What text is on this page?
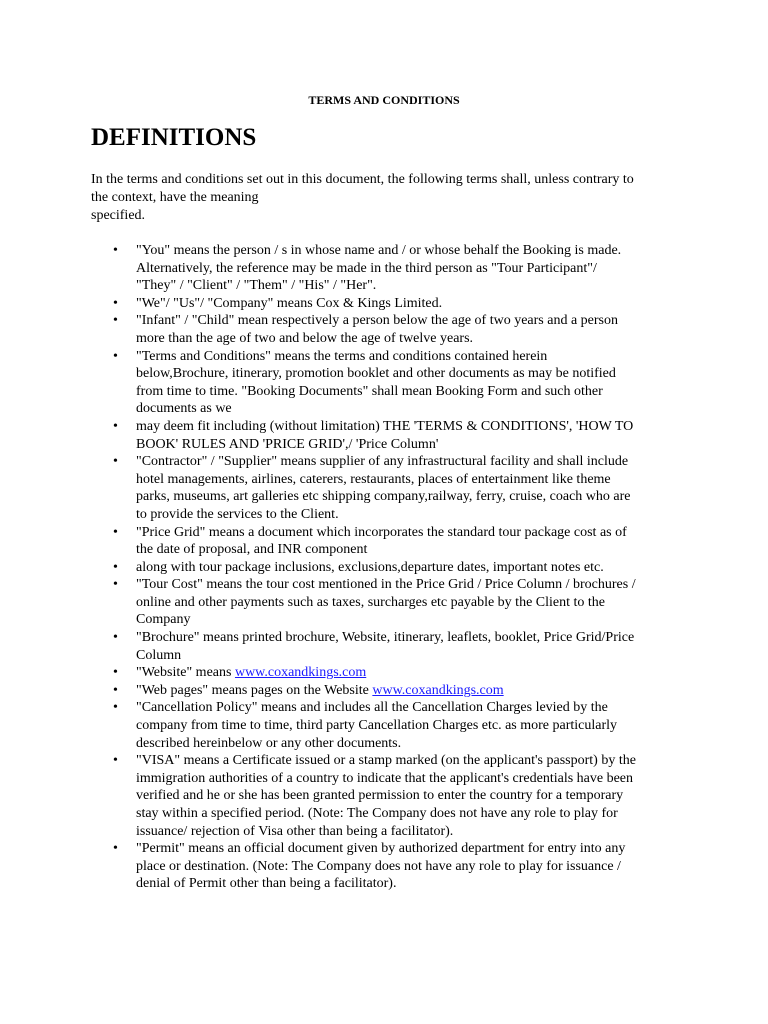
TERMS AND CONDITIONS
DEFINITIONS

In the terms and conditions set out in this document, the following terms shall, unless contrary to
the context, have the meaning
specified.

• "You" means the person / s in whose name and / or whose behalf the Booking is made.
Alternatively, the reference may be made in the third person as "Tour Participant"/
"They" / "Client" / "Them" / "His" / "Her".
• "We"/ "Us"/ "Company" means Cox & Kings Limited.
• "Infant" / "Child" mean respectively a person below the age of two years and a person
more than the age of two and below the age of twelve years.
• "Terms and Conditions" means the terms and conditions contained herein
below,Brochure, itinerary, promotion booklet and other documents as may be notified
from time to time. "Booking Documents" shall mean Booking Form and such other
documents as we
• may deem fit including (without limitation) THE 'TERMS & CONDITIONS', 'HOW TO
BOOK' RULES AND 'PRICE GRID',/ 'Price Column'
• "Contractor" / "Supplier" means supplier of any infrastructural facility and shall include
hotel managements, airlines, caterers, restaurants, places of entertainment like theme
parks, museums, art galleries etc shipping company,railway, ferry, cruise, coach who are
to provide the services to the Client.
• "Price Grid" means a document which incorporates the standard tour package cost as of
the date of proposal, and INR component
• along with tour package inclusions, exclusions,departure dates, important notes etc.
• "Tour Cost" means the tour cost mentioned in the Price Grid / Price Column / brochures /
online and other payments such as taxes, surcharges etc payable by the Client to the
Company
• "Brochure" means printed brochure, Website, itinerary, leaflets, booklet, Price Grid/Price
Column
• "Website" means www.coxandkings.com
• "Web pages" means pages on the Website www.coxandkings.com
• "Cancellation Policy" means and includes all the Cancellation Charges levied by the
company from time to time, third party Cancellation Charges etc. as more particularly
described hereinbelow or any other documents.
• "VISA" means a Certificate issued or a stamp marked (on the applicant's passport) by the
immigration authorities of a country to indicate that the applicant's credentials have been
verified and he or she has been granted permission to enter the country for a temporary
stay within a specified period. (Note: The Company does not have any role to play for
issuance/ rejection of Visa other than being a facilitator).
• "Permit" means an official document given by authorized department for entry into any
place or destination. (Note: The Company does not have any role to play for issuance /
denial of Permit other than being a facilitator).
